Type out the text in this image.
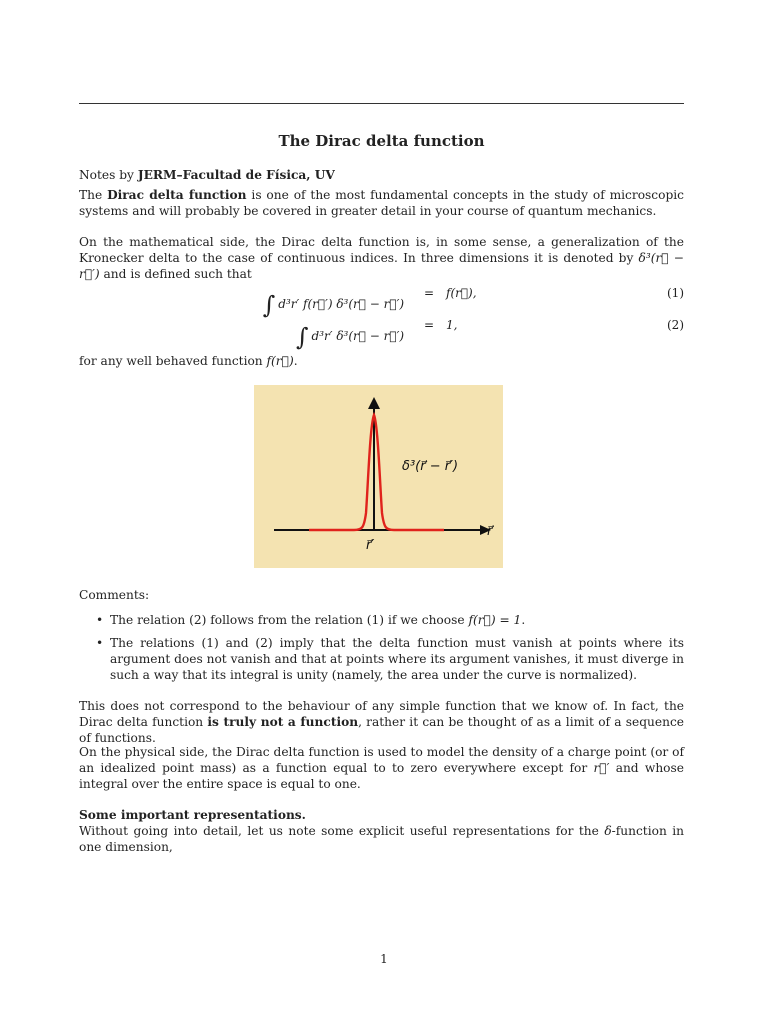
The Dirac delta function
Notes by JERM–Facultad de Física, UV
The Dirac delta function is one of the most fundamental concepts in the study of microscopic systems and will probably be covered in greater detail in your course of quantum mechanics.
On the mathematical side, the Dirac delta function is, in some sense, a generalization of the Kronecker delta to the case of continuous indices. In three dimensions it is denoted by δ³(r⃗ − r⃗′) and is defined such that
∫ d³r′ f(r⃗′) δ³(r⃗ − r⃗′)
= f(r⃗),	(1)
∫ d³r′ δ³(r⃗ − r⃗′)
= 1,	(2)
for any well behaved function f(r⃗).
δ³(r⃗ − r⃗′)
r⃗
r⃗′
Comments:
• The relation (2) follows from the relation (1) if we choose f(r⃗) = 1.
• The relations (1) and (2) imply that the delta function must vanish at points where its argument does not vanish and that at points where its argument vanishes, it must diverge in such a way that its integral is unity (namely, the area under the curve is normalized).
This does not correspond to the behaviour of any simple function that we know of. In fact, the Dirac delta function is truly not a function, rather it can be thought of as a limit of a sequence of functions.
On the physical side, the Dirac delta function is used to model the density of a charge point (or of an idealized point mass) as a function equal to to zero everywhere except for r⃗′ and whose integral over the entire space is equal to one.
Some important representations.
Without going into detail, let us note some explicit useful representations for the δ-function in one dimension,
1
